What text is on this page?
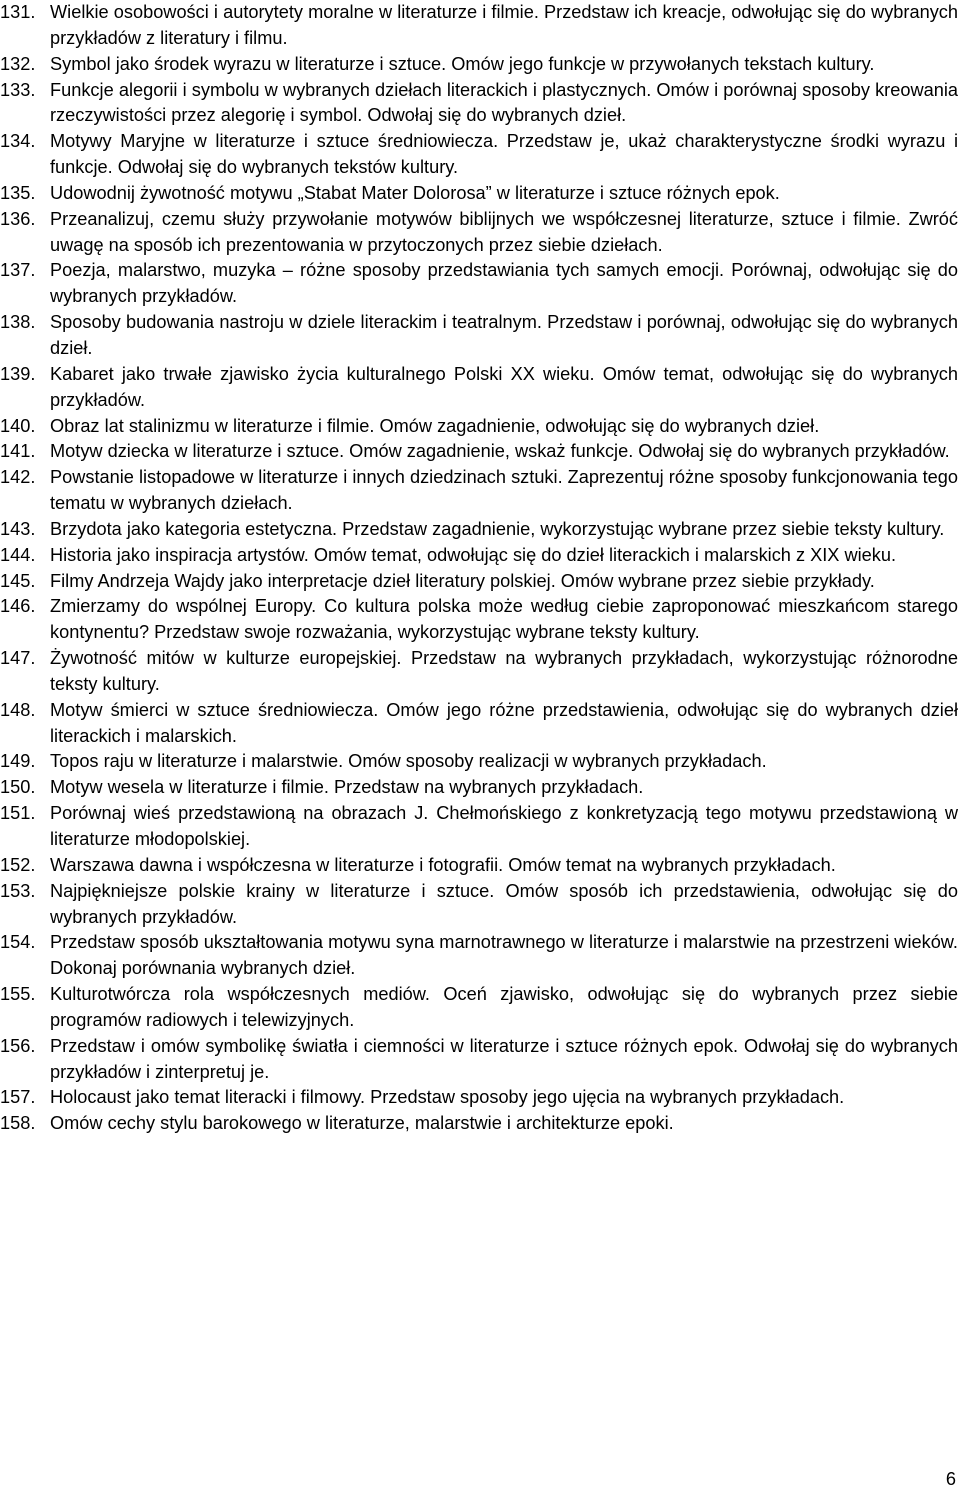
131. Wielkie osobowości i autorytety moralne w literaturze i filmie. Przedstaw ich kreacje, odwołując się do wybranych przykładów z literatury i filmu.
132. Symbol jako środek wyrazu w literaturze i sztuce. Omów jego funkcje w przywołanych tekstach kultury.
133. Funkcje alegorii i symbolu w wybranych dziełach literackich i plastycznych. Omów i porównaj sposoby kreowania rzeczywistości przez alegorię i symbol. Odwołaj się do wybranych dzieł.
134. Motywy Maryjne w literaturze i sztuce średniowiecza. Przedstaw je, ukaż charakterystyczne środki wyrazu i funkcje. Odwołaj się do wybranych tekstów kultury.
135. Udowodnij żywotność motywu „Stabat Mater Dolorosa” w literaturze i sztuce różnych epok.
136. Przeanalizuj, czemu służy przywołanie motywów biblijnych we współczesnej literaturze, sztuce i filmie. Zwróć uwagę na sposób ich prezentowania w przytoczonych przez siebie dziełach.
137. Poezja, malarstwo, muzyka – różne sposoby przedstawiania tych samych emocji. Porównaj, odwołując się do wybranych przykładów.
138. Sposoby budowania nastroju w dziele literackim i teatralnym. Przedstaw i porównaj, odwołując się do wybranych dzieł.
139. Kabaret jako trwałe zjawisko życia kulturalnego Polski XX wieku. Omów temat, odwołując się do wybranych przykładów.
140. Obraz lat stalinizmu w literaturze i filmie. Omów zagadnienie, odwołując się do wybranych dzieł.
141. Motyw dziecka w literaturze i sztuce. Omów zagadnienie, wskaż funkcje. Odwołaj się do wybranych przykładów.
142. Powstanie listopadowe w literaturze i innych dziedzinach sztuki. Zaprezentuj różne sposoby funkcjonowania tego tematu w wybranych dziełach.
143. Brzydota jako kategoria estetyczna. Przedstaw zagadnienie, wykorzystując wybrane przez siebie teksty kultury.
144. Historia jako inspiracja artystów. Omów temat, odwołując się do dzieł literackich i malarskich z XIX wieku.
145. Filmy Andrzeja Wajdy jako interpretacje dzieł literatury polskiej. Omów wybrane przez siebie przykłady.
146. Zmierzamy do wspólnej Europy. Co kultura polska może według ciebie zaproponować mieszkańcom starego kontynentu? Przedstaw swoje rozważania, wykorzystując wybrane teksty kultury.
147. Żywotność mitów w kulturze europejskiej. Przedstaw na wybranych przykładach, wykorzystując różnorodne teksty kultury.
148. Motyw śmierci w sztuce średniowiecza. Omów jego różne przedstawienia, odwołując się do wybranych dzieł literackich i malarskich.
149. Topos raju w literaturze i malarstwie. Omów sposoby realizacji w wybranych przykładach.
150. Motyw wesela w literaturze i filmie. Przedstaw na wybranych przykładach.
151. Porównaj wieś przedstawioną na obrazach J. Chełmońskiego z konkretyzacją tego motywu przedstawioną w literaturze młodopolskiej.
152. Warszawa dawna i współczesna w literaturze i fotografii. Omów temat na wybranych przykładach.
153. Najpiękniejsze polskie krainy w literaturze i sztuce. Omów sposób ich przedstawienia, odwołując się do wybranych przykładów.
154. Przedstaw sposób ukształtowania motywu syna marnotrawnego w literaturze i malarstwie na przestrzeni wieków. Dokonaj porównania wybranych dzieł.
155. Kulturotwórcza rola współczesnych mediów. Oceń zjawisko, odwołując się do wybranych przez siebie programów radiowych i telewizyjnych.
156. Przedstaw i omów symbolikę światła i ciemności w literaturze i sztuce różnych epok. Odwołaj się do wybranych przykładów i zinterpretuj je.
157. Holocaust jako temat literacki i filmowy. Przedstaw sposoby jego ujęcia na wybranych przykładach.
158. Omów cechy stylu barokowego w literaturze, malarstwie i architekturze epoki.
6
